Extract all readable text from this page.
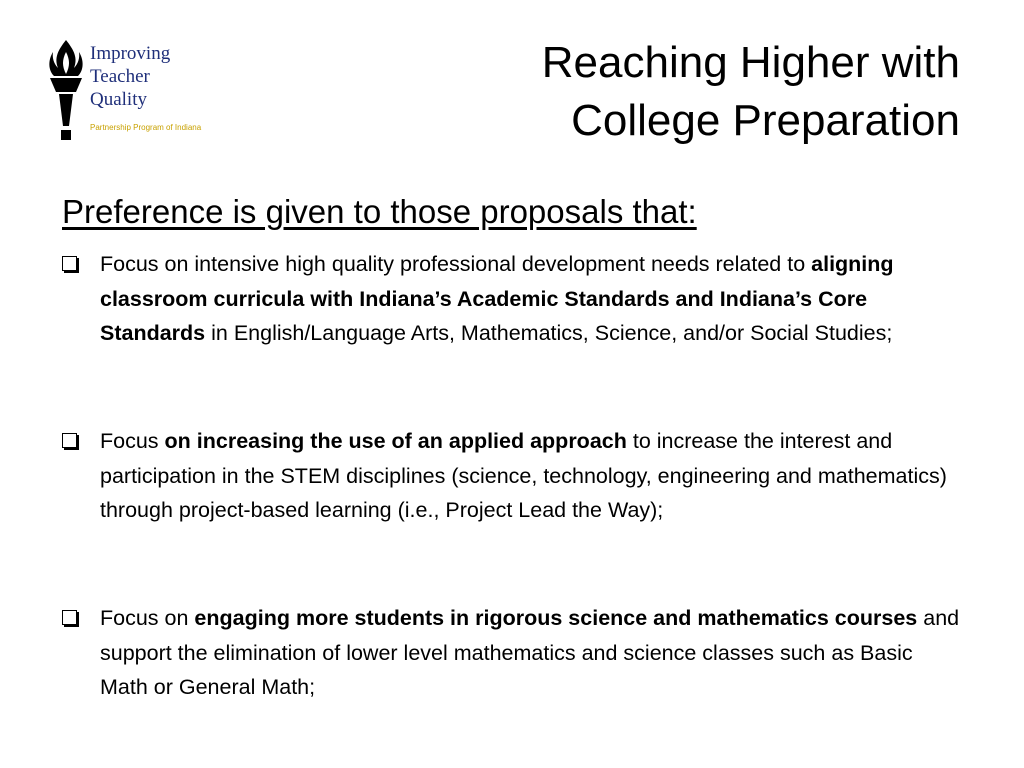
Improving
Teacher
Quality
Partnership Program of Indiana
Reaching Higher with
College Preparation
Preference is given to those proposals that:
Focus on intensive high quality professional development needs related to aligning classroom curricula with Indiana’s Academic Standards and Indiana’s Core Standards in English/Language Arts, Mathematics, Science, and/or Social Studies;
Focus on increasing the use of an applied approach to increase the interest and participation in the STEM disciplines (science, technology, engineering and mathematics) through project-based learning (i.e., Project Lead the Way);
Focus on engaging more students in rigorous science and mathematics courses and support the elimination of lower level mathematics and science classes such as Basic Math or General Math;
